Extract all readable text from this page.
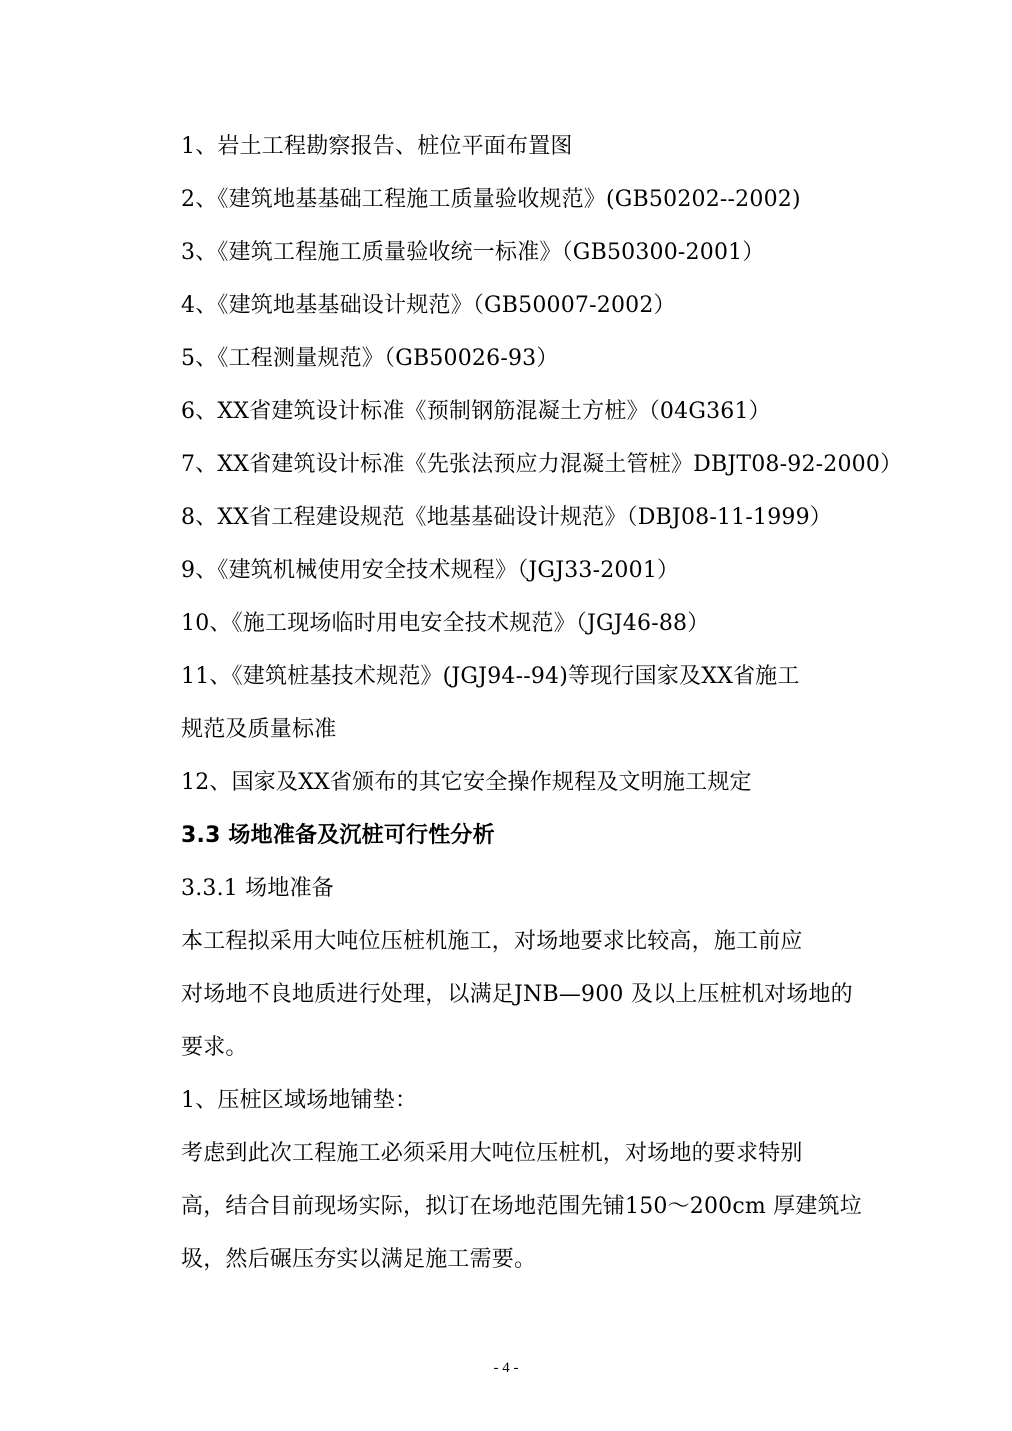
1、岩土工程勘察报告、桩位平面布置图
2、《建筑地基基础工程施工质量验收规范》(GB50202--2002)
3、《建筑工程施工质量验收统一标准》（GB50300-2001）
4、《建筑地基基础设计规范》（GB50007-2002）
5、《工程测量规范》（GB50026-93）
6、XX省建筑设计标准《预制钢筋混凝土方桩》（04G361）
7、XX省建筑设计标准《先张法预应力混凝土管桩》DBJT08-92-2000）
8、XX省工程建设规范《地基基础设计规范》（DBJ08-11-1999）
9、《建筑机械使用安全技术规程》（JGJ33-2001）
10、《施工现场临时用电安全技术规范》（JGJ46-88）
11、《建筑桩基技术规范》(JGJ94--94)等现行国家及XX省施工
规范及质量标准
12、国家及XX省颁布的其它安全操作规程及文明施工规定
3.3 场地准备及沉桩可行性分析
3.3.1 场地准备
本工程拟采用大吨位压桩机施工，对场地要求比较高，施工前应
对场地不良地质进行处理，以满足JNB—900 及以上压桩机对场地的
要求。
1、压桩区域场地铺垫：
考虑到此次工程施工必须采用大吨位压桩机，对场地的要求特别
高，结合目前现场实际，拟订在场地范围先铺150～200cm 厚建筑垃
圾，然后碾压夯实以满足施工需要。
- 4 -
